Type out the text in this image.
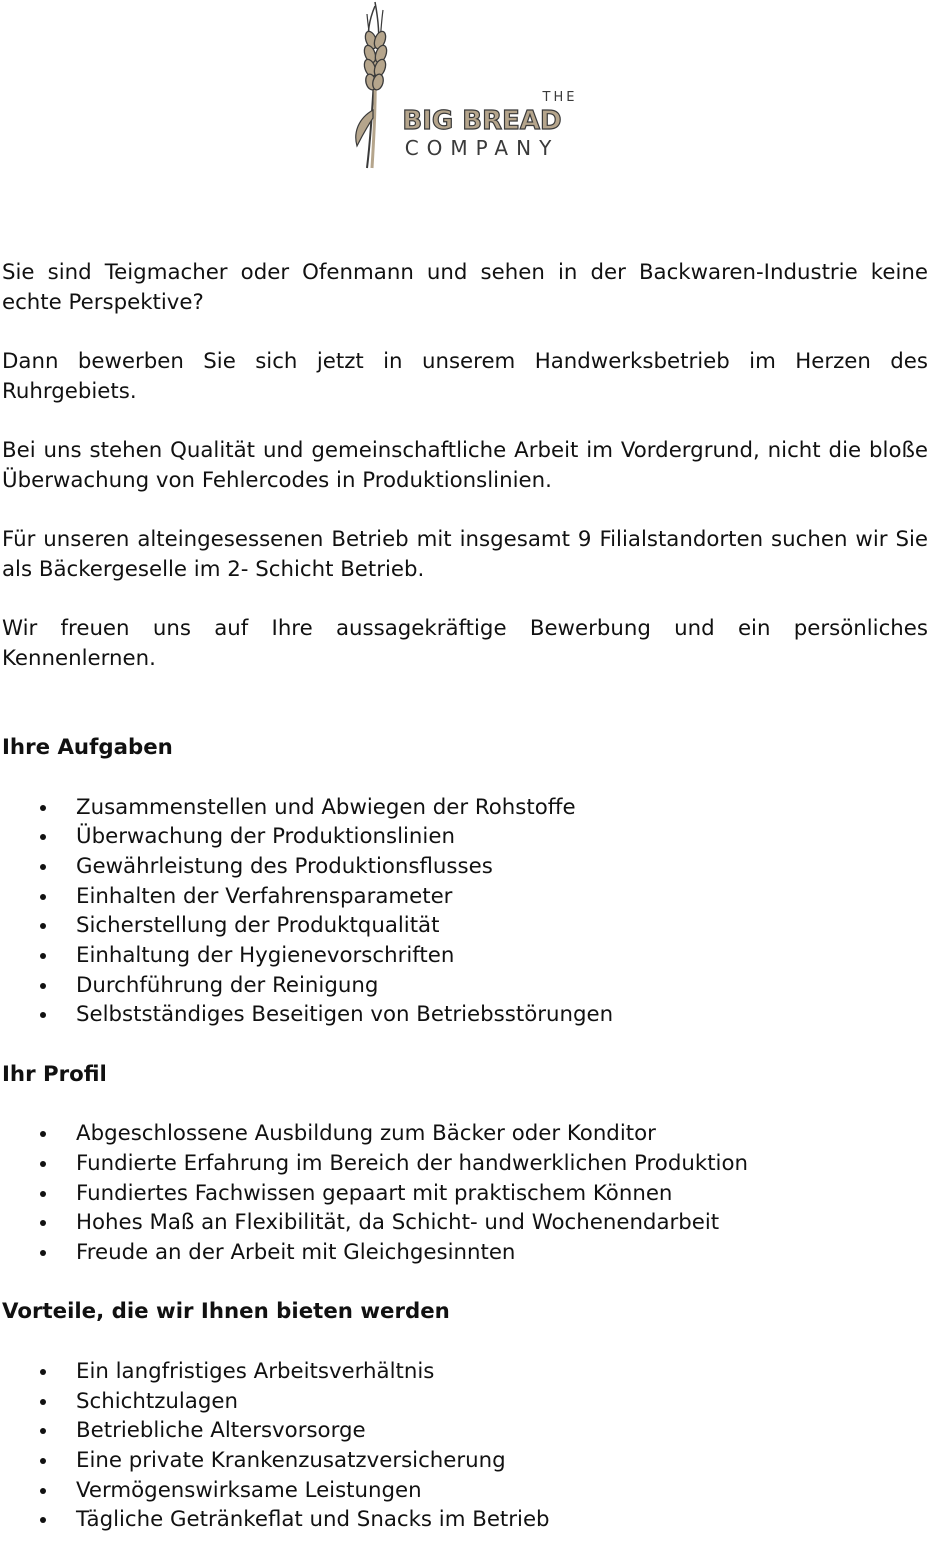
THE
BIG BREAD
COMPANY

Sie sind Teigmacher oder Ofenmann und sehen in der Backwaren-Industrie keine echte Perspektive?

Dann bewerben Sie sich jetzt in unserem Handwerksbetrieb im Herzen des Ruhrgebiets.

Bei uns stehen Qualität und gemeinschaftliche Arbeit im Vordergrund, nicht die bloße Überwachung von Fehlercodes in Produktionslinien.

Für unseren alteingesessenen Betrieb mit insgesamt 9 Filialstandorten suchen wir Sie als Bäckergeselle im 2- Schicht Betrieb.

Wir freuen uns auf Ihre aussagekräftige Bewerbung und ein persönliches Kennenlernen.

Ihre Aufgaben
Zusammenstellen und Abwiegen der Rohstoffe
Überwachung der Produktionslinien
Gewährleistung des Produktionsflusses
Einhalten der Verfahrensparameter
Sicherstellung der Produktqualität
Einhaltung der Hygienevorschriften
Durchführung der Reinigung
Selbstständiges Beseitigen von Betriebsstörungen
Ihr Profil
Abgeschlossene Ausbildung zum Bäcker oder Konditor
Fundierte Erfahrung im Bereich der handwerklichen Produktion
Fundiertes Fachwissen gepaart mit praktischem Können
Hohes Maß an Flexibilität, da Schicht- und Wochenendarbeit
Freude an der Arbeit mit Gleichgesinnten
Vorteile, die wir Ihnen bieten werden
Ein langfristiges Arbeitsverhältnis
Schichtzulagen
Betriebliche Altersvorsorge
Eine private Krankenzusatzversicherung
Vermögenswirksame Leistungen
Tägliche Getränkeflat und Snacks im Betrieb
